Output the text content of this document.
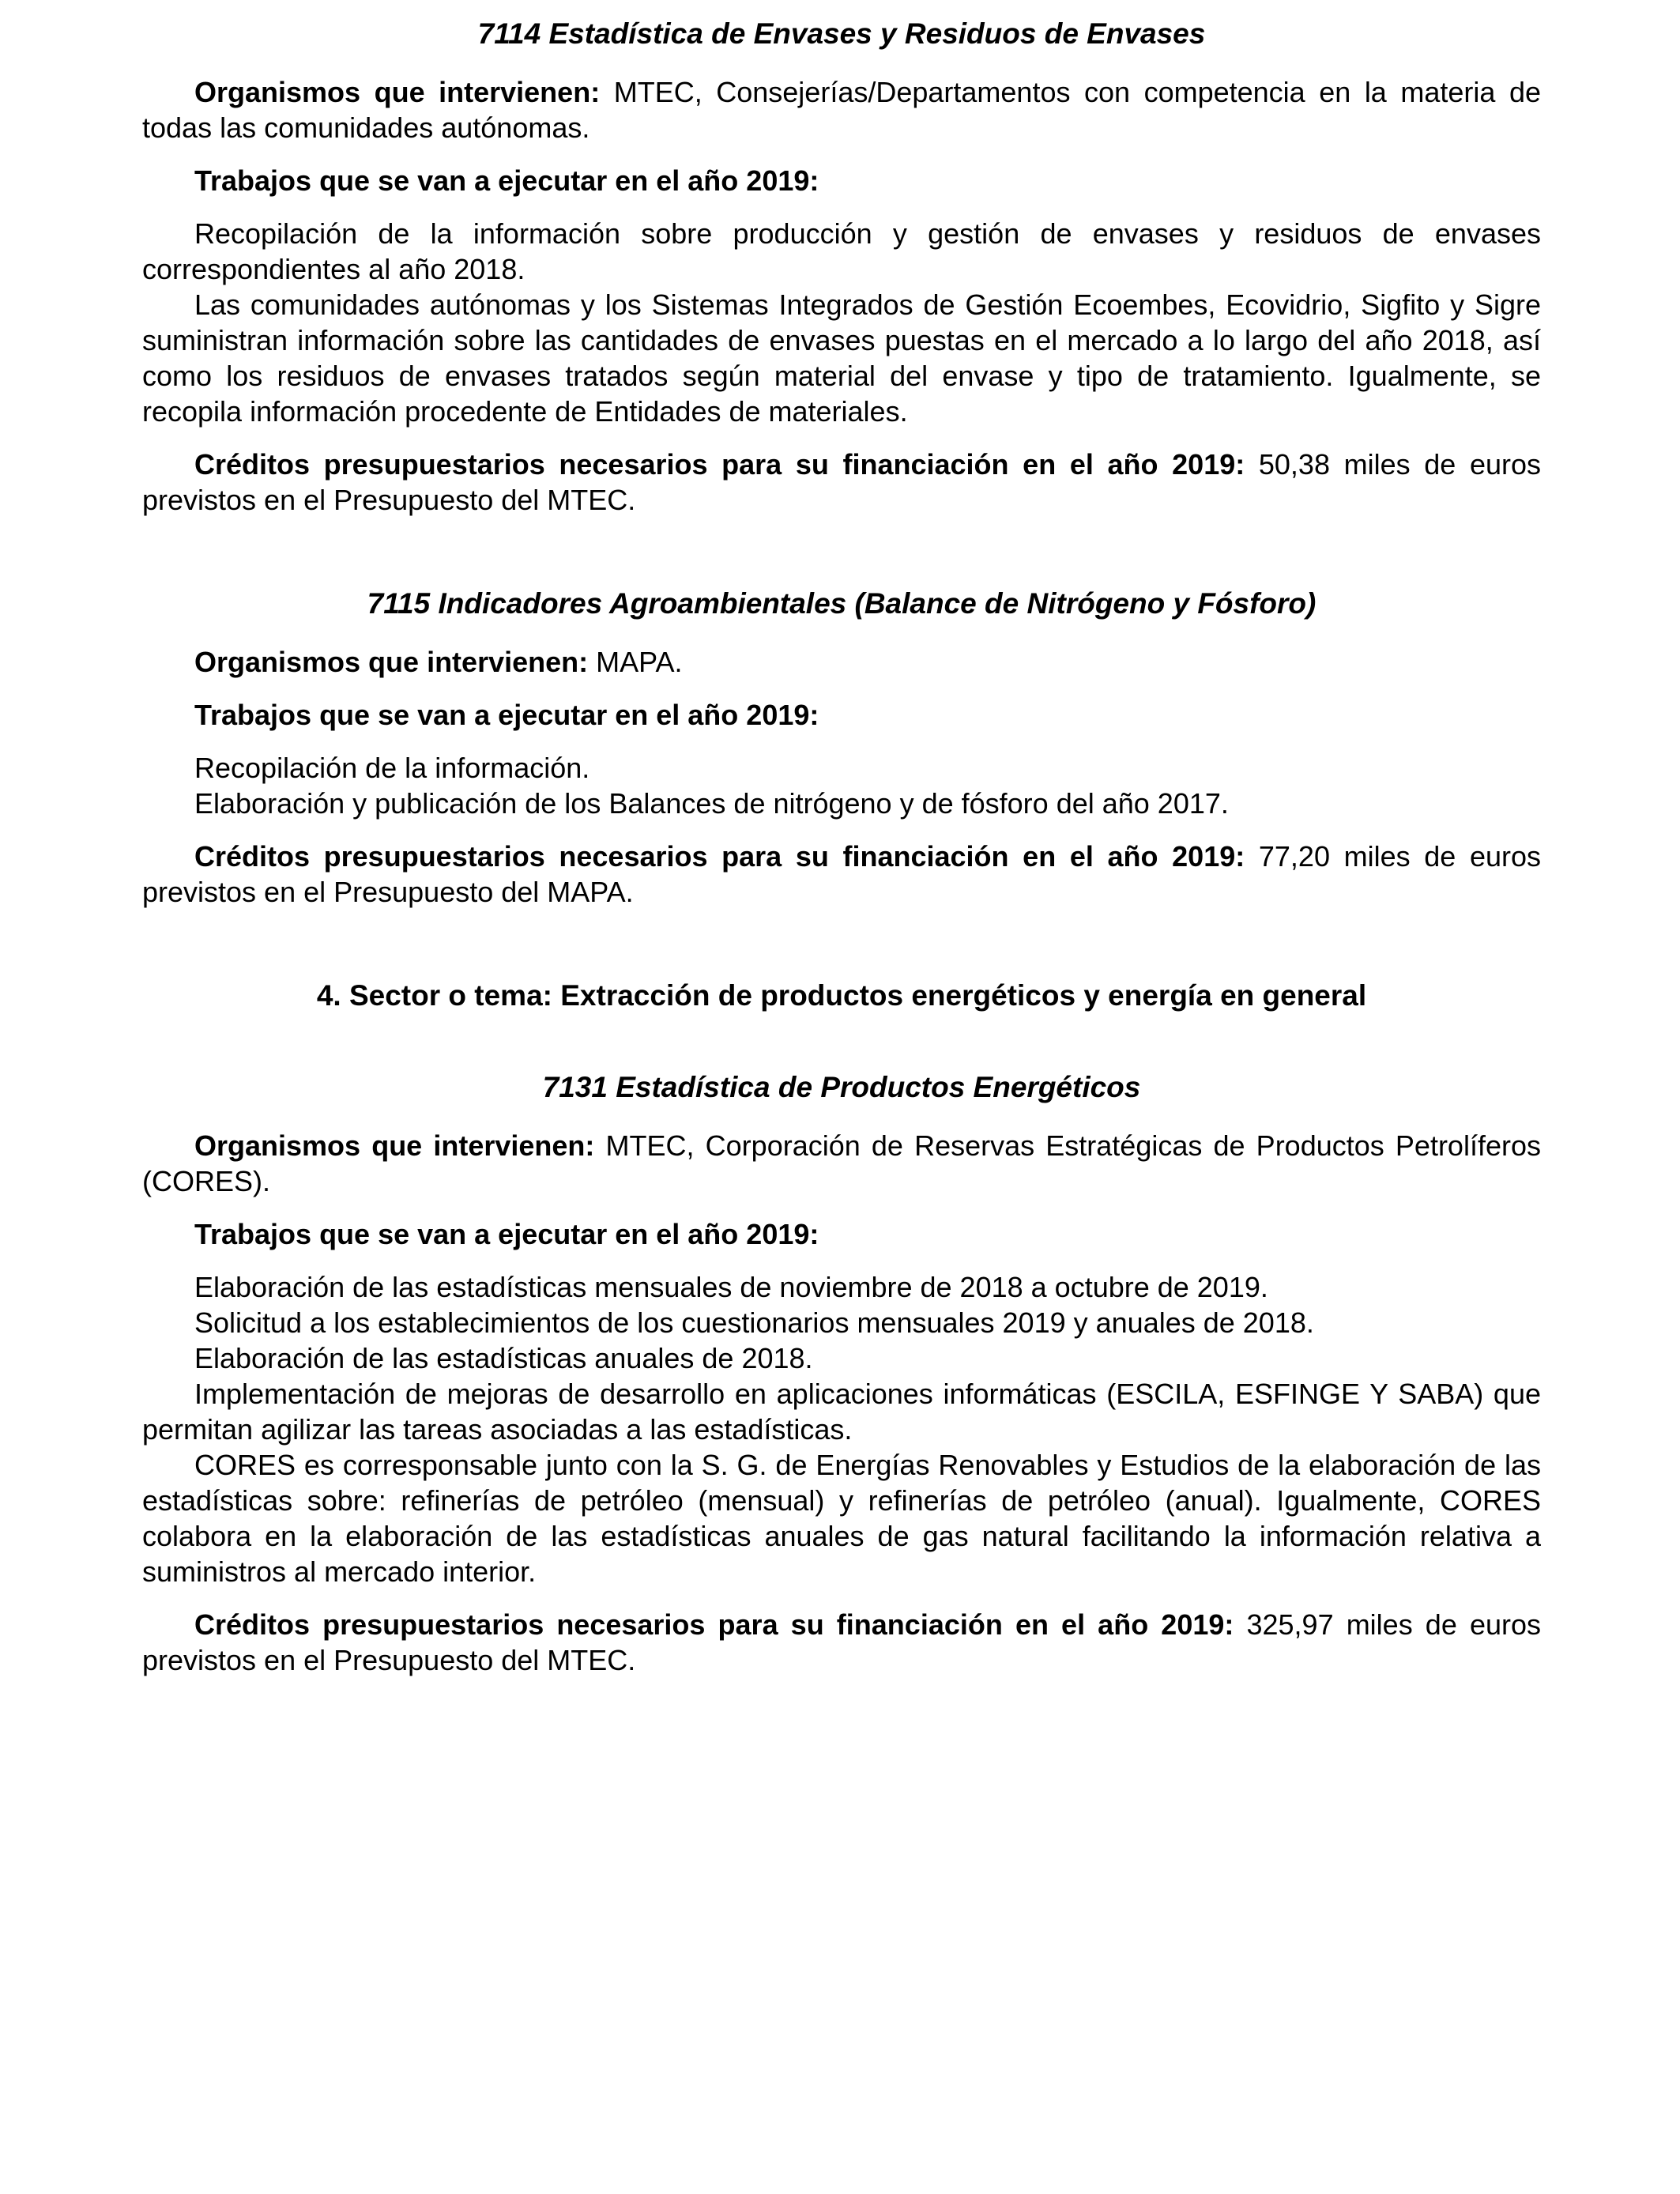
7114 Estadística de Envases y Residuos de Envases

Organismos que intervienen: MTEC, Consejerías/Departamentos con competencia en la materia de todas las comunidades autónomas.

Trabajos que se van a ejecutar en el año 2019:

Recopilación de la información sobre producción y gestión de envases y residuos de envases correspondientes al año 2018.

Las comunidades autónomas y los Sistemas Integrados de Gestión Ecoembes, Ecovidrio, Sigfito y Sigre suministran información sobre las cantidades de envases puestas en el mercado a lo largo del año 2018, así como los residuos de envases tratados según material del envase y tipo de tratamiento. Igualmente, se recopila información procedente de Entidades de materiales.

Créditos presupuestarios necesarios para su financiación en el año 2019: 50,38 miles de euros previstos en el Presupuesto del MTEC.

7115 Indicadores Agroambientales (Balance de Nitrógeno y Fósforo)

Organismos que intervienen: MAPA.

Trabajos que se van a ejecutar en el año 2019:

Recopilación de la información.

Elaboración y publicación de los Balances de nitrógeno y de fósforo del año 2017.

Créditos presupuestarios necesarios para su financiación en el año 2019: 77,20 miles de euros previstos en el Presupuesto del MAPA.

4. Sector o tema: Extracción de productos energéticos y energía en general
7131 Estadística de Productos Energéticos

Organismos que intervienen: MTEC, Corporación de Reservas Estratégicas de Productos Petrolíferos (CORES).

Trabajos que se van a ejecutar en el año 2019:

Elaboración de las estadísticas mensuales de noviembre de 2018 a octubre de 2019.

Solicitud a los establecimientos de los cuestionarios mensuales 2019 y anuales de 2018.

Elaboración de las estadísticas anuales de 2018.

Implementación de mejoras de desarrollo en aplicaciones informáticas (ESCILA, ESFINGE Y SABA) que permitan agilizar las tareas asociadas a las estadísticas.

CORES es corresponsable junto con la S. G. de Energías Renovables y Estudios de la elaboración de las estadísticas sobre: refinerías de petróleo (mensual) y refinerías de petróleo (anual). Igualmente, CORES colabora en la elaboración de las estadísticas anuales de gas natural facilitando la información relativa a suministros al mercado interior.

Créditos presupuestarios necesarios para su financiación en el año 2019: 325,97 miles de euros previstos en el Presupuesto del MTEC.
